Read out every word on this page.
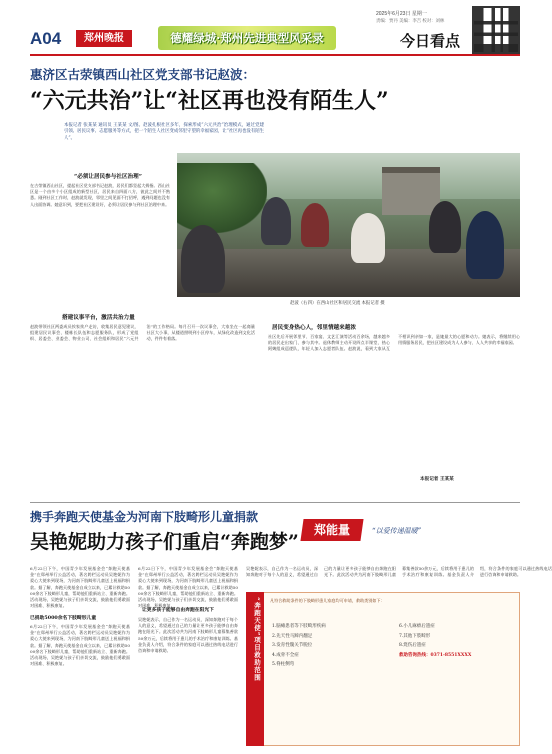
A04	郑州晚报	德耀绿城·郑州先进典型风采录
2025年6月23日 星期一
责编：贾丹 美编：李吉 校对：刘林
今日看点
惠济区古荥镇西山社区党支部书记赵波：
“六元共治”让“社区再也没有陌生人”
本报记者 张某某 通讯员 王某某 文/图。赵波扎根社区多年，探索形成“六元共治”治理模式，通过党建引领、居民议事、志愿服务等方式，把一个陌生人社区变成邻里守望的幸福家园，让“社区再也没有陌生人”。
赵波（右四）在西山社区和居民交流 本报记者 摄
“必须让居民参与社区治理”
在古荥镇西山社区，提起社区党支部书记赵波，居民们都竖起大拇指。西山社区是一个由多个小区组成的新型社区，居民来自四面八方，彼此之间并不熟悉。刚到社区工作时，赵波就发现，邻里之间见面不打招呼，遇到问题也没有人出面协调。她意识到，要把社区建设好，必须让居民参与到社区治理中来。
搭建议事平台，激活共治力量
赵波带领社区两委成员挨家挨户走访，收集居民意见建议，组建居民议事会、楼栋长队伍和志愿服务队，形成了党组织、居委会、业委会、物业公司、社会组织和居民“六元共治”的工作格局。每月召开一次议事会，大家坐在一起商量社区大小事，从楼道照明到小区停车，从绿化改造到文化活动，件件有着落。
居民变身热心人，邻里情越来越浓
社区先后开展邻里节、百家宴、文艺汇演等活动百余场，越来越多的居民走出家门、参与其中。退休教师主动开设四点半课堂，热心阿姨组成巡逻队，年轻人加入志愿者队伍。赵波说，看到大家从互不相识到亲如一家，是她最大的心愿和动力。她表示，将继续用心用情服务居民，把社区建设成为人人参与、人人共享的幸福家园。
本报记者 王某某
携手奔跑天使基金为河南下肢畸形儿童捐款
吴艳妮助力孩子们重启“奔跑梦”
郑能量	“以爱传递温暖”
已捐助5000余名下肢畸形儿童
6月22日下午，中国青少年发展基金会“奔跑天使基金”在郑州举行公益活动，著名跨栏运动员吴艳妮作为爱心大使来到现场，为河南下肢畸形儿童送上祝福和捐款。据了解，奔跑天使基金自成立以来，已累计救助5000余名下肢畸形儿童，帮助他们重新站立、重新奔跑。活动现场，吴艳妮与孩子们亲切交流，鼓励他们勇敢面对困难、积极康复。
6月22日下午，中国青少年发展基金会“奔跑天使基金”在郑州举行公益活动，著名跨栏运动员吴艳妮作为爱心大使来到现场，为河南下肢畸形儿童送上祝福和捐款。据了解，奔跑天使基金自成立以来，已累计救助5000余名下肢畸形儿童，帮助他们重新站立、重新奔跑。活动现场，吴艳妮与孩子们亲切交流，鼓励他们勇敢面对困难、积极康复。
6月22日下午，中国青少年发展基金会“奔跑天使基金”在郑州举行公益活动，著名跨栏运动员吴艳妮作为爱心大使来到现场，为河南下肢畸形儿童送上祝福和捐款。据了解，奔跑天使基金自成立以来，已累计救助5000余名下肢畸形儿童，帮助他们重新站立、重新奔跑。活动现场，吴艳妮与孩子们亲切交流，鼓励他们勇敢面对困难、积极康复。
让更多孩子能够自由奔跑在阳光下
吴艳妮表示，自己作为一名运动员，深知奔跑对于每个人的意义，希望通过自己的力量让更多孩子能够自由奔跑在阳光下。此次活动共为河南下肢畸形儿童募集善款50余万元，后续将用于患儿的手术治疗和康复训练。基金负责人介绍，符合条件的家庭可以通过热线电话进行咨询和申请救助。
吴艳妮表示，自己作为一名运动员，深知奔跑对于每个人的意义，希望通过自己的力量让更多孩子能够自由奔跑在阳光下。此次活动共为河南下肢畸形儿童募集善款50余万元，后续将用于患儿的手术治疗和康复训练。基金负责人介绍，符合条件的家庭可以通过热线电话进行咨询和申请救助。
“奔跑天使”项目救助范围 凡符合救助条件的下肢畸形患儿家庭均可申请，救助类别如下：
1.脑瘫患者等下肢畸形疾病
2.先天性马蹄内翻足
3.发育性髋关节脱位
4.成骨不全症
5.脊柱侧弯
6.小儿麻痹后遗症
7.其他下肢畸形
8.烧伤后遗症
救助咨询热线：0371-8551XXXX
